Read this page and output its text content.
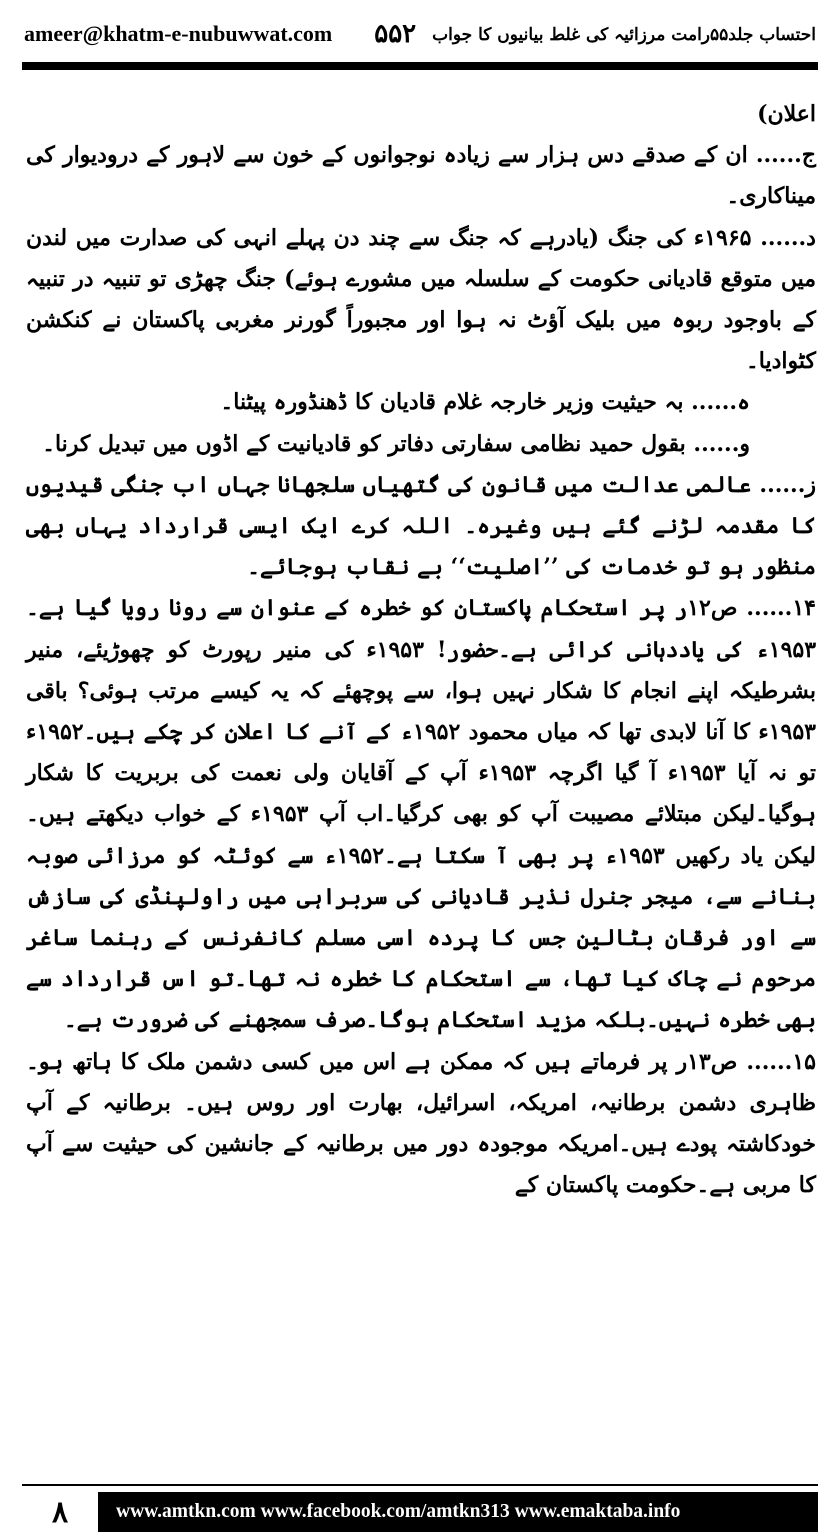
ameer@khatm-e-nubuwwat.com	احتساب جلد۵۵رامت مرزائیہ کی غلط بیانیوں کا جواب
۵۵۲

اعلان)

ج...... ان کے صدقے دس ہزار سے زیادہ نوجوانوں کے خون سے لاہور کے درودیوار کی میناکاری۔

د...... ۱۹۶۵ء کی جنگ (یادرہے کہ جنگ سے چند دن پہلے انہی کی صدارت میں لندن میں متوقع قادیانی حکومت کے سلسلہ میں مشورے ہوئے) جنگ چھڑی تو تنبیہ در تنبیہ کے باوجود ربوہ میں بلیک آؤٹ نہ ہوا اور مجبوراً گورنر مغربی پاکستان نے کنکشن کٹوادیا۔

ہ...... بہ حیثیت وزیر خارجہ غلام قادیان کا ڈھنڈورہ پیٹنا۔

و...... بقول حمید نظامی سفارتی دفاتر کو قادیانیت کے اڈوں میں تبدیل کرنا۔

ز...... عالمی عدالت میں قانون کی گتھیاں سلجھانا جہاں اب جنگی قیدیوں کا مقدمہ لڑنے گئے ہیں وغیرہ۔ اللہ کرے ایک ایسی قرارداد یہاں بھی منظور ہو تو خدمات کی ’’اصلیت‘‘ بے نقاب ہوجائے۔

۱۴...... ص۱۲ر پر استحکام پاکستان کو خطرہ کے عنوان سے رونا رویا گیا ہے۔۱۹۵۳ء کی یاددہانی کرائی ہے۔حضور! ۱۹۵۳ء کی منیر رپورٹ کو چھوڑیئے، منیر بشرطیکہ اپنے انجام کا شکار نہیں ہوا، سے پوچھئے کہ یہ کیسے مرتب ہوئی؟ باقی ۱۹۵۳ء کا آنا لابدی تھا کہ میاں محمود ۱۹۵۲ء کے آنے کا اعلان کر چکے ہیں۔۱۹۵۲ء تو نہ آیا ۱۹۵۳ء آ گیا اگرچہ ۱۹۵۳ء آپ کے آقایان ولی نعمت کی بربریت کا شکار ہوگیا۔لیکن مبتلائے مصیبت آپ کو بھی کرگیا۔اب آپ ۱۹۵۳ء کے خواب دیکھتے ہیں۔لیکن یاد رکھیں ۱۹۵۳ء پر بھی آ سکتا ہے۔۱۹۵۲ء سے کوئٹہ کو مرزائی صوبہ بنانے سے، میجر جنرل نذیر قادیانی کی سربراہی میں راولپنڈی کی سازش سے اور فرقان بٹالین جس کا پردہ اسی مسلم کانفرنس کے رہنما ساغر مرحوم نے چاک کیا تھا، سے استحکام کا خطرہ نہ تھا۔تو اس قرارداد سے بھی خطرہ نہیں۔بلکہ مزید استحکام ہوگا۔صرف سمجھنے کی ضرورت ہے۔

۱۵...... ص۱۳ر پر فرماتے ہیں کہ ممکن ہے اس میں کسی دشمن ملک کا ہاتھ ہو۔ظاہری دشمن برطانیہ، امریکہ، اسرائیل، بھارت اور روس ہیں۔ برطانیہ کے آپ خودکاشتہ پودے ہیں۔امریکہ موجودہ دور میں برطانیہ کے جانشین کی حیثیت سے آپ کا مربی ہے۔حکومت پاکستان کے

۸	www.amtkn.com www.facebook.com/amtkn313 www.emaktaba.info
